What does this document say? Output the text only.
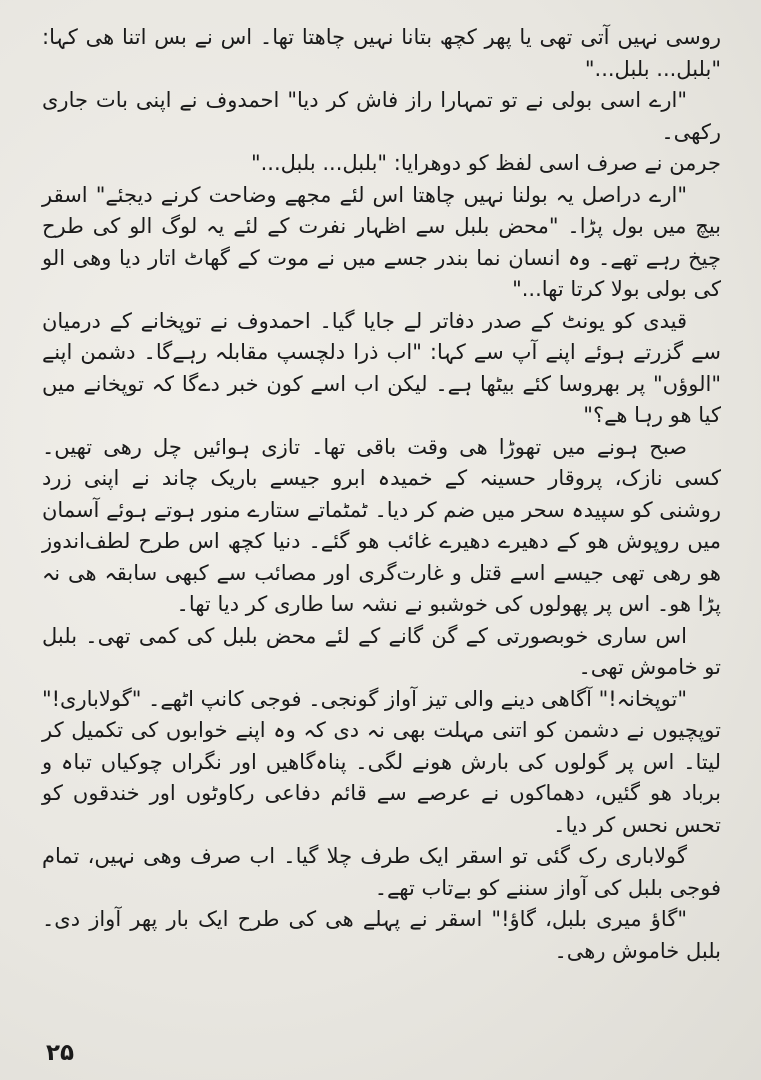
روسی نہیں آتی تھی یا پھر کچھ بتانا نہیں چاھتا تھا۔ اس نے بس اتنا ھی کہا: "بلبل... بلبل..."

"ارے اسی بولی نے تو تمہارا راز فاش کر دیا" احمدوف نے اپنی بات جاری رکھی۔

جرمن نے صرف اسی لفظ کو دوھرایا: "بلبل... بلبل..."

"ارے دراصل یہ بولنا نہیں چاھتا اس لئے مجھے وضاحت کرنے دیجئے" اسقر بیچ میں بول پڑا۔ "محض بلبل سے اظہار نفرت کے لئے یہ لوگ الو کی طرح چیخ رہے تھے۔ وہ انسان نما بندر جسے میں نے موت کے گھاٹ اتار دیا وھی الو کی بولی بولا کرتا تھا..."

قیدی کو یونٹ کے صدر دفاتر لے جایا گیا۔ احمدوف نے توپخانے کے درمیان سے گزرتے ہوئے اپنے آپ سے کہا: "اب ذرا دلچسپ مقابلہ رہےگا۔ دشمن اپنے "الوؤں" پر بھروسا کئے بیٹھا ہے۔ لیکن اب اسے کون خبر دےگا کہ توپخانے میں کیا ھو رہا ھے؟"

صبح ہونے میں تھوڑا ھی وقت باقی تھا۔ تازی ہوائیں چل رھی تھیں۔ کسی نازک، پروقار حسینہ کے خمیدہ ابرو جیسے باریک چاند نے اپنی زرد روشنی کو سپیدہ سحر میں ضم کر دیا۔ ٹمٹماتے ستارے منور ہوتے ہوئے آسمان میں روپوش ھو کے دھیرے دھیرے غائب ھو گئے۔ دنیا کچھ اس طرح لطف‌اندوز ھو رھی تھی جیسے اسے قتل و غارت‌گری اور مصائب سے کبھی سابقہ ھی نہ پڑا ھو۔ اس پر پھولوں کی خوشبو نے نشہ سا طاری کر دیا تھا۔

اس ساری خوبصورتی کے گن گانے کے لئے محض بلبل کی کمی تھی۔ بلبل تو خاموش تھی۔

"توپخانہ!" آگاھی دینے والی تیز آواز گونجی۔ فوجی کانپ اٹھے۔ "گولاباری!" توپچیوں نے دشمن کو اتنی مہلت بھی نہ دی کہ وہ اپنے خوابوں کی تکمیل کر لیتا۔ اس پر گولوں کی بارش ھونے لگی۔ پناہ‌گاھیں اور نگراں چوکیاں تباہ و برباد ھو گئیں، دھماکوں نے عرصے سے قائم دفاعی رکاوٹوں اور خندقوں کو تحس نحس کر دیا۔

گولاباری رک گئی تو اسقر ایک طرف چلا گیا۔ اب صرف وھی نہیں، تمام فوجی بلبل کی آواز سننے کو بےتاب تھے۔

"گاؤ میری بلبل، گاؤ!" اسقر نے پہلے ھی کی طرح ایک بار پھر آواز دی۔ بلبل خاموش رھی۔

۲۵
